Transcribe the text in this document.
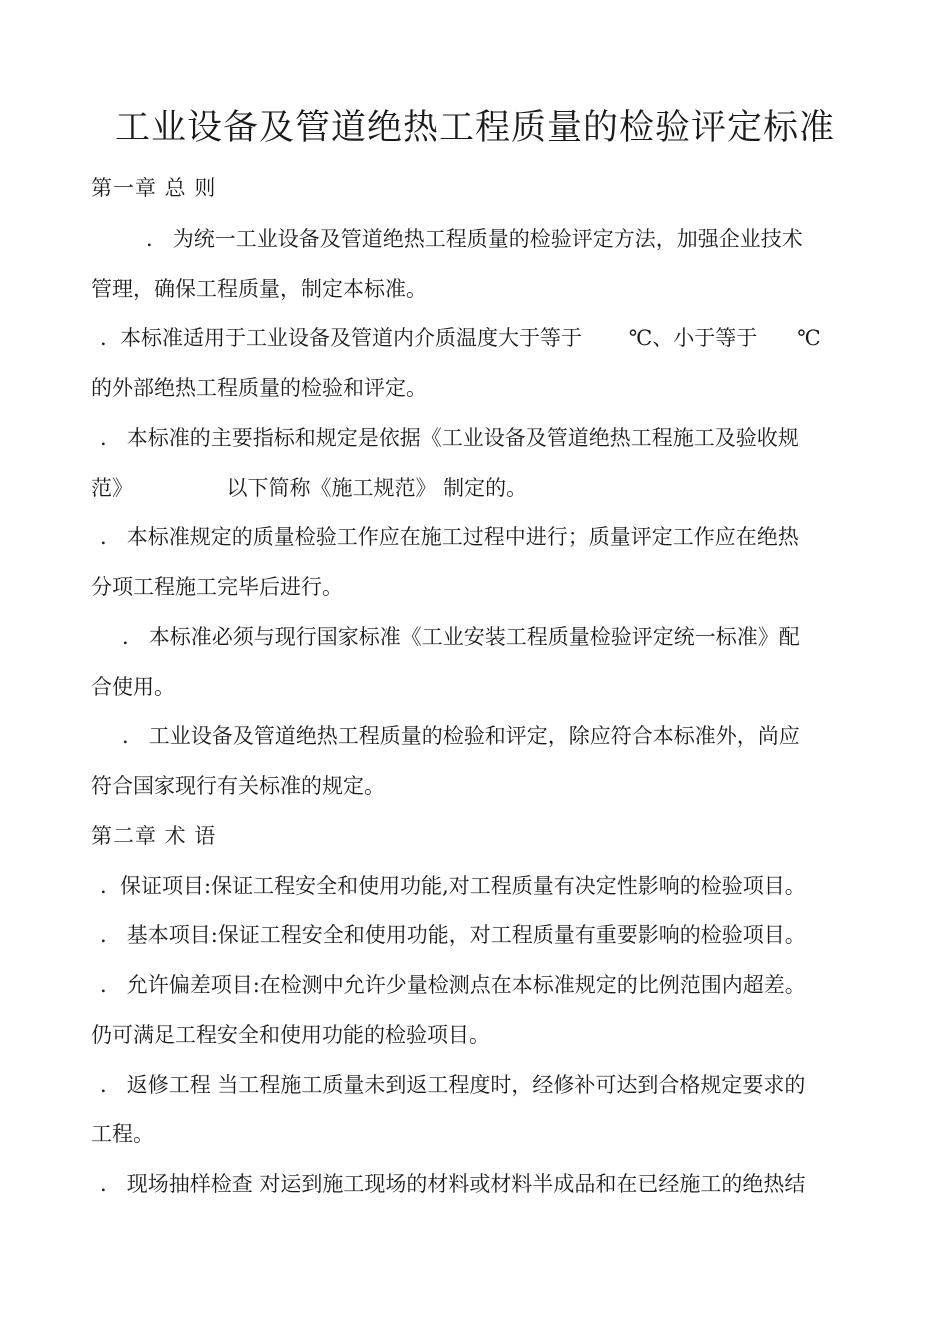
工业设备及管道绝热工程质量的检验评定标准
第一章 总 则
.   为统一工业设备及管道绝热工程质量的检验评定方法，加强企业技术
管理，确保工程质量，制定本标准。
.  本标准适用于工业设备及管道内介质温度大于等于       ℃、小于等于      ℃
的外部绝热工程质量的检验和评定。
.   本标准的主要指标和规定是依据《工业设备及管道绝热工程施工及验收规
范》              以下简称《施工规范》 制定的。
.   本标准规定的质量检验工作应在施工过程中进行；质量评定工作应在绝热
分项工程施工完毕后进行。
.   本标准必须与现行国家标准《工业安装工程质量检验评定统一标准》配
合使用。
.   工业设备及管道绝热工程质量的检验和评定，除应符合本标准外，尚应
符合国家现行有关标准的规定。
第二章 术 语
.  保证项目:保证工程安全和使用功能,对工程质量有决定性影响的检验项目。
.   基本项目:保证工程安全和使用功能，对工程质量有重要影响的检验项目。
.   允许偏差项目:在检测中允许少量检测点在本标准规定的比例范围内超差。
仍可满足工程安全和使用功能的检验项目。
.   返修工程 当工程施工质量未到返工程度时，经修补可达到合格规定要求的
工程。
.   现场抽样检查 对运到施工现场的材料或材料半成品和在已经施工的绝热结
